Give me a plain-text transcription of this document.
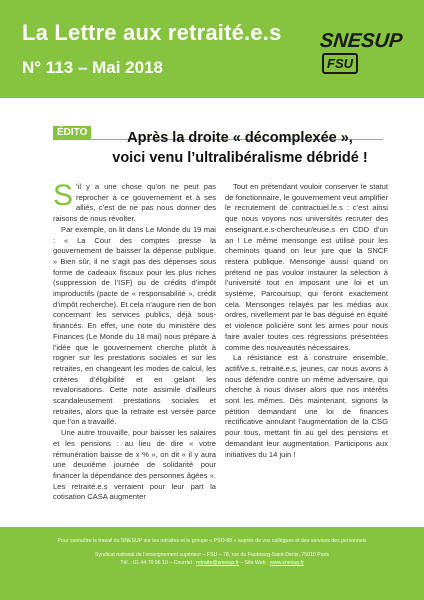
La Lettre aux retraité.e.s
N° 113 – Mai 2018
SNESUPFSU
ÉDITO	Après la droite « décomplexée »,
voici venu l’ultralibéralisme débridé !

S ’il y a une chose qu’on ne peut pas reprocher à ce gouvernement et à ses alliés, c’est de ne pas nous donner des raisons de nous révolter.

Par exemple, on lit dans Le Monde du 19 mai : « La Cour des comptes presse la gouvernement de baisser la dépense publique. » Bien sûr, il ne s’agit pas des dépenses sous forme de cadeaux fiscaux pour les plus riches (suppression de l’ISF) ou de crédits d’impôt improductifs (pacte de « responsabilité », crédit d’impôt recherche). Et cela n’augure rien de bon concernant les services publics, déjà sous-financés. En effet, une note du ministère des Finances (Le Monde du 18 mai) nous prépare à l’idée que le gouvernement cherche plutôt à rogner sur les prestations sociales et sur les retraites, en changeant les modes de calcul, les critères d’éligibilité et en gelant les revalorisations. Cette note assimile d’ailleurs scandaleusement prestations sociales et retraites, alors que la retraite est versée parce que l’on a travaillé.

Une autre trouvaille, pour baisser les salaires et les pensions : au lieu de dire « votre rémunération baisse de x % », on dit « il y aura une deuxième journée de solidarité pour financer la dépendance des personnes âgées ». Les retraité.e.s verraient pour leur part la cotisation CASA augmenter

Tout en prétendant vouloir conserver le statut de fonctionnaire, le gouvernement veut amplifier le recrutement de contractuel.le.s : c’est ainsi que nous voyons nos universités recruter des enseignant.e.s-chercheur/euse.s en CDD d’un an ! Le même mensonge est utilisé pour les cheminots quand on leur jure que la SNCF restera publique. Mensonge aussi quand on prétend ne pas vouloir instaurer la sélection à l’université tout en imposant une loi et un système, Parcoursup, qui feront exactement cela. Mensonges relayés par les médias aux ordres, nivellement par le bas déguisé en équité et violence policière sont les armes pour nous faire avaler toutes ces régressions présentées comme des nouveautés nécessaires.

La résistance est à construire ensemble, actif/ve.s, retraité.e.s, jeunes, car nous avons à nous défendre contre un même adversaire, qui cherche à nous diviser alors que nos intérêts sont les mêmes. Dès maintenant, signons la pétition demandant une loi de finances rectificative annulant l’augmentation de la CSG pour tous, mettant fin au gel des pensions et demandant leur augmentation. Participons aux initiatives du 14 juin !

Pour connaître le travail du SNESUP sur les retraites et le groupe « PSO-88 » auprès de vos collègues et des services des personnels

Syndicat national de l’enseignement supérieur – FSU – 78, rue du Faubourg-Saint-Denis, 75010 Paris

Tél. : 01 44 79 96 10 – Courriel : retraite@snesup.fr – Site Web : www.snesup.fr
